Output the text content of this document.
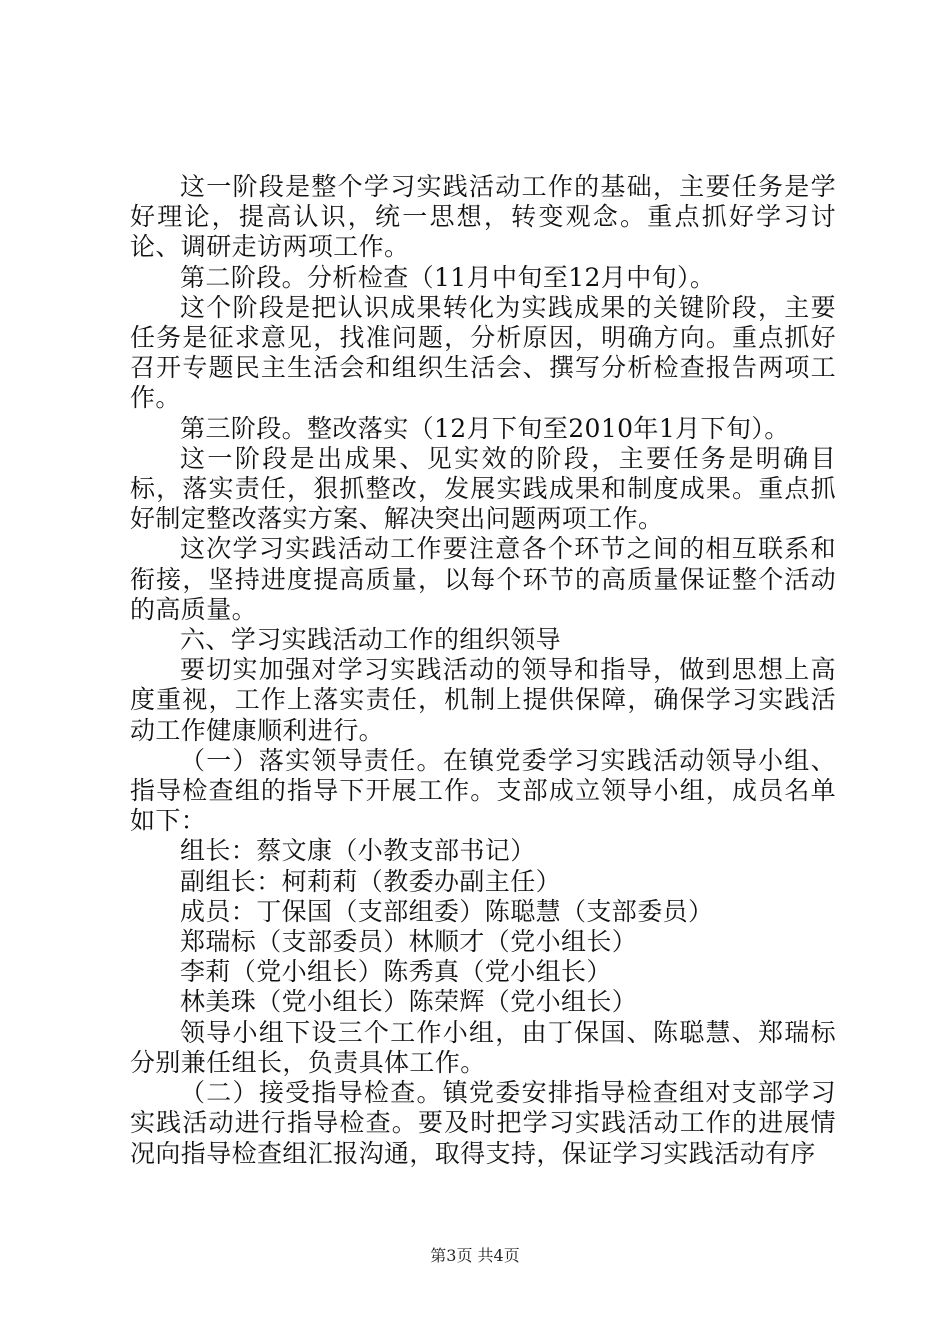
这一阶段是整个学习实践活动工作的基础，主要任务是学好理论，提高认识，统一思想，转变观念。重点抓好学习讨论、调研走访两项工作。

第二阶段。分析检查（11月中旬至12月中旬）。

这个阶段是把认识成果转化为实践成果的关键阶段，主要任务是征求意见，找准问题，分析原因，明确方向。重点抓好召开专题民主生活会和组织生活会、撰写分析检查报告两项工作。

第三阶段。整改落实（12月下旬至2010年1月下旬）。

这一阶段是出成果、见实效的阶段，主要任务是明确目标，落实责任，狠抓整改，发展实践成果和制度成果。重点抓好制定整改落实方案、解决突出问题两项工作。

这次学习实践活动工作要注意各个环节之间的相互联系和衔接，坚持进度提高质量，以每个环节的高质量保证整个活动的高质量。

六、学习实践活动工作的组织领导

要切实加强对学习实践活动的领导和指导，做到思想上高度重视，工作上落实责任，机制上提供保障，确保学习实践活动工作健康顺利进行。

（一）落实领导责任。在镇党委学习实践活动领导小组、指导检查组的指导下开展工作。支部成立领导小组，成员名单如下：

组长：蔡文康（小教支部书记）

副组长：柯莉莉（教委办副主任）

成员：丁保国（支部组委）陈聪慧（支部委员）

郑瑞标（支部委员）林顺才（党小组长）

李莉（党小组长）陈秀真（党小组长）

林美珠（党小组长）陈荣辉（党小组长）

领导小组下设三个工作小组，由丁保国、陈聪慧、郑瑞标分别兼任组长，负责具体工作。

（二）接受指导检查。镇党委安排指导检查组对支部学习实践活动进行指导检查。要及时把学习实践活动工作的进展情况向指导检查组汇报沟通，取得支持，保证学习实践活动有序

第3页 共4页
